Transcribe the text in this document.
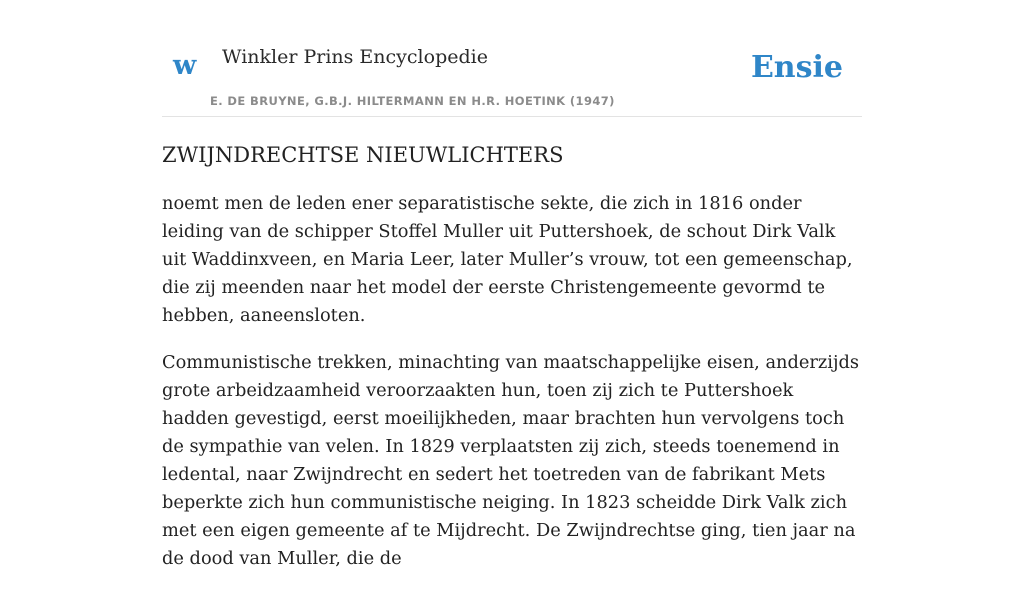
w Winkler Prins Encyclopedie
E. DE BRUYNE, G.B.J. HILTERMANN EN H.R. HOETINK (1947)
Ensie
ZWIJNDRECHTSE NIEUWLICHTERS

noemt men de leden ener separatistische sekte, die zich in 1816 onder leiding van de schipper Stoffel Muller uit Puttershoek, de schout Dirk Valk uit Waddinxveen, en Maria Leer, later Muller’s vrouw, tot een gemeenschap, die zij meenden naar het model der eerste Christengemeente gevormd te hebben, aaneensloten.

Communistische trekken, minachting van maatschappelijke eisen, anderzijds grote arbeidzaamheid veroorzaakten hun, toen zij zich te Puttershoek hadden gevestigd, eerst moeilijkheden, maar brachten hun vervolgens toch de sympathie van velen. In 1829 verplaatsten zij zich, steeds toenemend in ledental, naar Zwijndrecht en sedert het toetreden van de fabrikant Mets beperkte zich hun communistische neiging. In 1823 scheidde Dirk Valk zich met een eigen gemeente af te Mijdrecht. De Zwijndrechtse ging, tien jaar na de dood van Muller, die de
